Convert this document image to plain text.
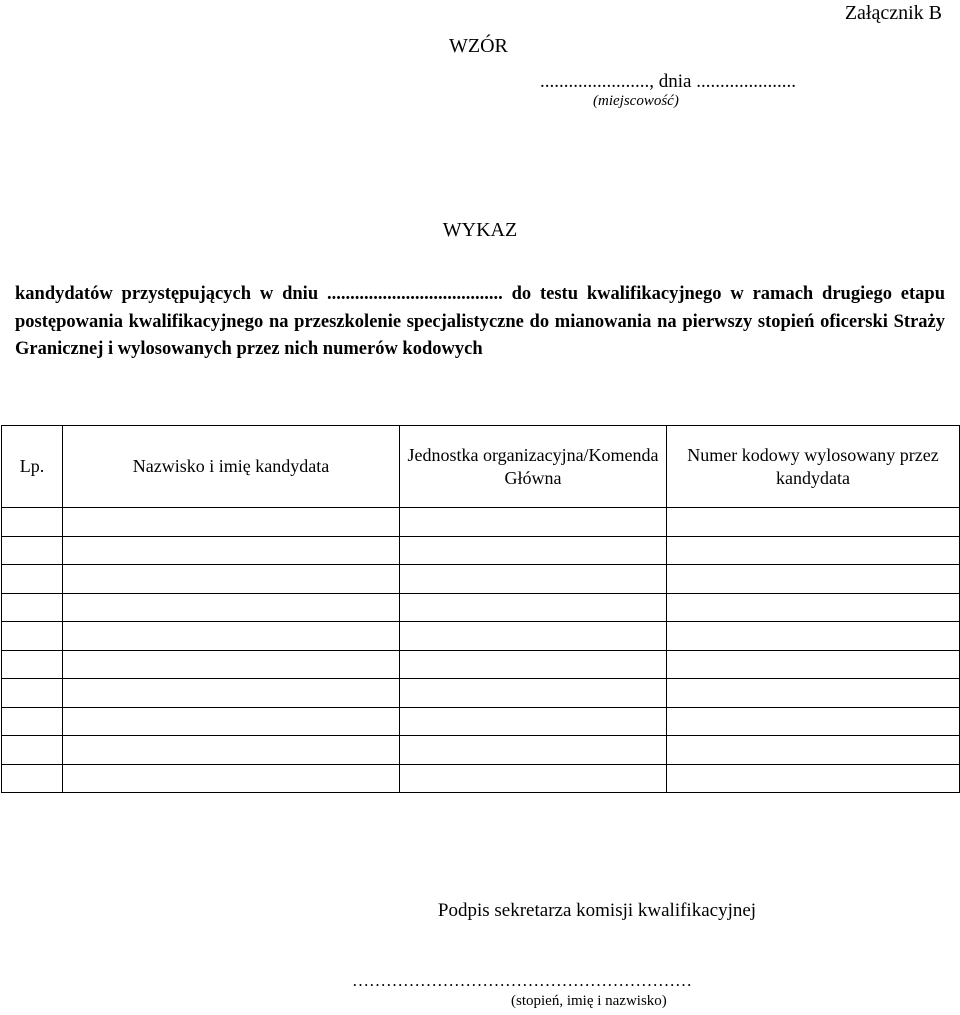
Załącznik B
WZÓR
......................., dnia .....................
(miejscowość)
WYKAZ
kandydatów przystępujących w dniu ...................................... do testu kwalifikacyjnego w ramach drugiego etapu postępowania kwalifikacyjnego na przeszkolenie specjalistyczne do mianowania na pierwszy stopień oficerski Straży Granicznej i wylosowanych przez nich numerów kodowych
Lp.	Nazwisko i imię kandydata	Jednostka organizacyjna/Komenda Główna	Numer kodowy wylosowany przez kandydata

Podpis sekretarza komisji kwalifikacyjnej
……………………………………………………
(stopień, imię i nazwisko)
